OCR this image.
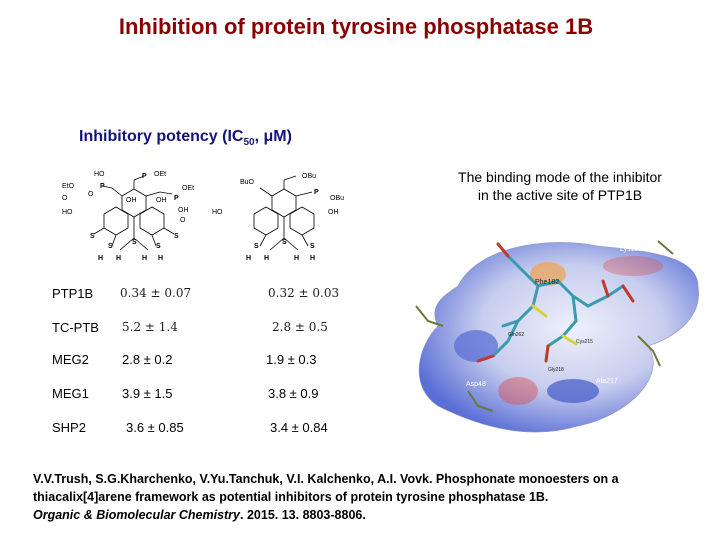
Inhibition of protein tyrosine phosphatase 1B
Inhibitory potency ($IC_{50}$, μM)
The binding mode of the inhibitor
in the active site of PTP1B
EtO
HO
P
O
P OEt
OH	OH P
OEt
HO	OH
O
O
S
S
S
S
S
H H	H H
BuO
OBu
OBu
HO	OH
P
S
S
S
H H	H H
PTP1B 0.34 ± 0.07	0.32 ± 0.03
TC-PTB 5.2 ± 1.4	2.8 ± 0.5
MEG2	2.8 ± 0.2	1.9 ± 0.3
MEG1	3.9 ± 1.5	3.8 ± 0.9
SHP2	3.6 ± 0.85	3.4 ± 0.84
Lys116
Phe182
Arg24
Gln262
Cys215
Lys120
Gly218
Asp48	Ala217
V.V.Trush, S.G.Kharchenko, V.Yu.Tanchuk, V.I. Kalchenko, A.I. Vovk. Phosphonate monoesters on a thiacalix[4]arene framework as potential inhibitors of protein tyrosine phosphatase 1B.
Organic & Biomolecular Chemistry. 2015. 13. 8803-8806.
